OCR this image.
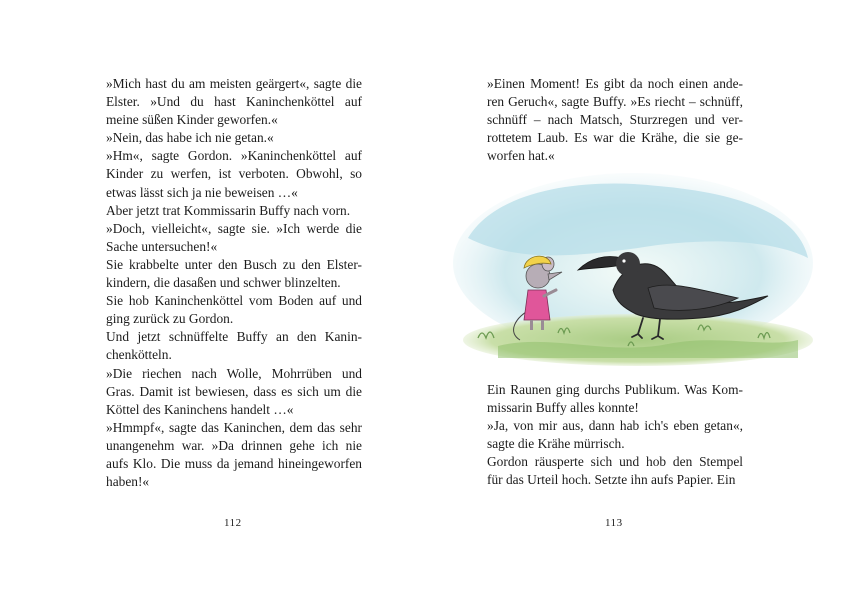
»Mich hast du am meisten geärgert«, sagte die
Elster. »Und du hast Kaninchenköttel auf
meine süßen Kinder geworfen.«
»Nein, das habe ich nie getan.«
»Hm«, sagte Gordon. »Kaninchenköttel auf
Kinder zu werfen, ist verboten. Obwohl, so
etwas lässt sich ja nie beweisen …«
Aber jetzt trat Kommissarin Buffy nach vorn.
»Doch, vielleicht«, sagte sie. »Ich werde die
Sache untersuchen!«
Sie krabbelte unter den Busch zu den Elster-
kindern, die dasaßen und schwer blinzelten.
Sie hob Kaninchenköttel vom Boden auf und
ging zurück zu Gordon.
Und jetzt schnüffelte Buffy an den Kanin-
chenkötteln.
»Die riechen nach Wolle, Mohrrüben und
Gras. Damit ist bewiesen, dass es sich um die
Köttel des Kaninchens handelt …«
»Hmmpf«, sagte das Kaninchen, dem das sehr
unangenehm war. »Da drinnen gehe ich nie
aufs Klo. Die muss da jemand hineingeworfen
haben!«
112
»Einen Moment! Es gibt da noch einen ande-
ren Geruch«, sagte Buffy. »Es riecht – schnüff,
schnüff – nach Matsch, Sturzregen und ver-
rottetem Laub. Es war die Krähe, die sie ge-
worfen hat.«
Ein Raunen ging durchs Publikum. Was Kom-
missarin Buffy alles konnte!
»Ja, von mir aus, dann hab ich's eben getan«,
sagte die Krähe mürrisch.
Gordon räusperte sich und hob den Stempel
für das Urteil hoch. Setzte ihn aufs Papier. Ein
113
